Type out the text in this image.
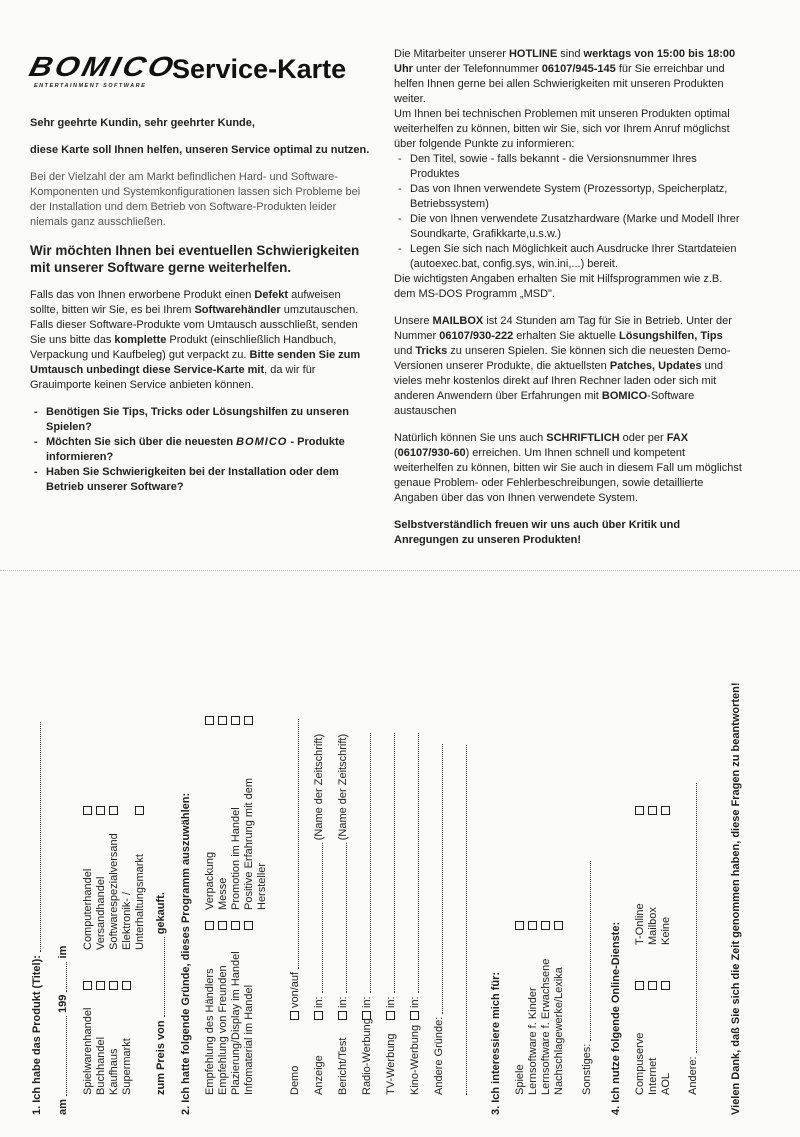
BOMICO
ENTERTAINMENT SOFTWARE
Service-Karte

Sehr geehrte Kundin, sehr geehrter Kunde,

diese Karte soll Ihnen helfen, unseren Service optimal zu nutzen.

Bei der Vielzahl der am Markt befindlichen Hard- und Software-Komponenten und Systemkonfigurationen lassen sich Probleme bei der Installation und dem Betrieb von Software-Produkten leider niemals ganz ausschließen.

Wir möchten Ihnen bei eventuellen Schwierigkeiten mit unserer Software gerne weiterhelfen.

Falls das von Ihnen erworbene Produkt einen Defekt aufweisen sollte, bitten wir Sie, es bei Ihrem Softwarehändler umzutauschen. Falls dieser Software-Produkte vom Umtausch ausschließt, senden Sie uns bitte das komplette Produkt (einschließlich Handbuch, Verpackung und Kaufbeleg) gut verpackt zu. Bitte senden Sie zum Umtausch unbedingt diese Service-Karte mit, da wir für Grauimporte keinen Service anbieten können.

- Benötigen Sie Tips, Tricks oder Lösungshilfen zu unseren Spielen?
- Möchten Sie sich über die neuesten BOMICO - Produkte informieren?
- Haben Sie Schwierigkeiten bei der Installation oder dem Betrieb unserer Software?

Die Mitarbeiter unserer HOTLINE sind werktags von 15:00 bis 18:00 Uhr unter der Telefonnummer 06107/945-145 für Sie erreichbar und helfen Ihnen gerne bei allen Schwierigkeiten mit unseren Produkten weiter.

Um Ihnen bei technischen Problemen mit unseren Produkten optimal weiterhelfen zu können, bitten wir Sie, sich vor Ihrem Anruf möglichst über folgende Punkte zu informieren:

- Den Titel, sowie - falls bekannt - die Versionsnummer Ihres Produktes
- Das von Ihnen verwendete System (Prozessortyp, Speicherplatz, Betriebssystem)
- Die von Ihnen verwendete Zusatzhardware (Marke und Modell Ihrer Soundkarte, Grafikkarte,u.s.w.)
- Legen Sie sich nach Möglichkeit auch Ausdrucke Ihrer Startdateien (autoexec.bat, config.sys, win.ini,...) bereit.

Die wichtigsten Angaben erhalten Sie mit Hilfsprogrammen wie z.B. dem MS-DOS Programm „MSD".

Unsere MAILBOX ist 24 Stunden am Tag für Sie in Betrieb. Unter der Nummer 06107/930-222 erhalten Sie aktuelle Lösungshilfen, Tips und Tricks zu unseren Spielen. Sie können sich die neuesten Demo-Versionen unserer Produkte, die aktuellsten Patches, Updates und vieles mehr kostenlos direkt auf Ihren Rechner laden oder sich mit anderen Anwendern über Erfahrungen mit BOMICO-Software austauschen

Natürlich können Sie uns auch SCHRIFTLICH oder per FAX (06107/930-60) erreichen. Um Ihnen schnell und kompetent weiterhelfen zu können, bitten wir Sie auch in diesem Fall um möglichst genaue Problem- oder Fehlerbeschreibungen, sowie detaillierte Angaben über das von Ihnen verwendete System.

Selbstverständlich freuen wir uns auch über Kritik und Anregungen zu unseren Produkten!

1. Ich habe das Produkt (Titel): am  199  im
Spielwarenhandel Buchhandel Kaufhaus Supermarkt
Computerhandel Versandhandel Softwarespezialversand Elektronik- / Unterhaltungsmarkt
zum Preis von  gekauft. 2. Ich hatte folgende Gründe, dieses Programm auszuwählen: Empfehlung des Händlers Empfehlung von Freunden Plazierung/Display im Handel Infomaterial im Handel
Verpackung Messe Promotion im Handel Positive Erfahrung mit dem Hersteller
Demovon/auf
Anzeigein:  (Name der Zeitschrift)
Bericht/Testin:  (Name der Zeitschrift)
Radio-Werbungin:
TV-Werbungin:
Kino-Werbungin:
Andere Gründe:	3. Ich interessiere mich für: Spiele Lernsoftware f. Kinder Lernsoftware f. Erwachsene Nachschlagewerke/Lexika Sonstiges: 4. Ich nutze folgende Online-Dienste: Compuserve Internet AOL
T-Online Mailbox Keine
Andere:	Vielen Dank, daß Sie sich die Zeit genommen haben, diese Fragen zu beantworten!
